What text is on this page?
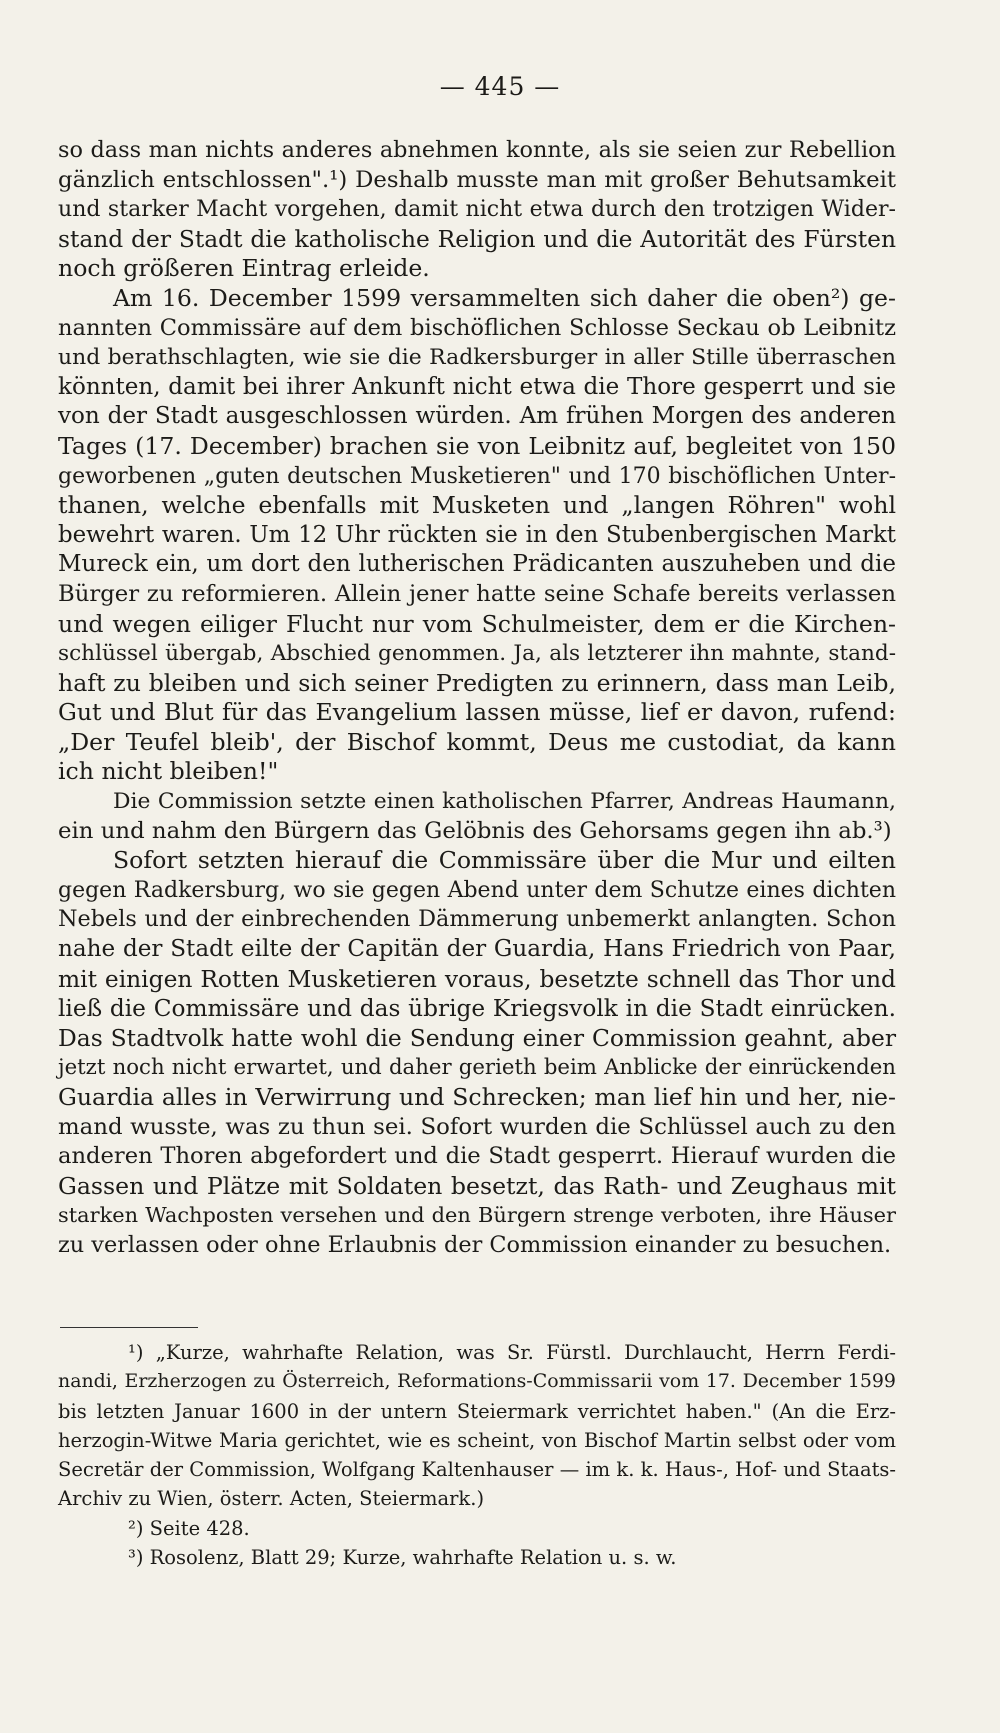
— 445 —
so dass man nichts anderes abnehmen konnte, als sie seien zur Rebellion
gänzlich entschlossen".¹) Deshalb musste man mit großer Behutsamkeit
und starker Macht vorgehen, damit nicht etwa durch den trotzigen Wider-
stand der Stadt die katholische Religion und die Autorität des Fürsten
noch größeren Eintrag erleide.
Am 16. December 1599 versammelten sich daher die oben²) ge-
nannten Commissäre auf dem bischöflichen Schlosse Seckau ob Leibnitz
und berathschlagten, wie sie die Radkersburger in aller Stille überraschen
könnten, damit bei ihrer Ankunft nicht etwa die Thore gesperrt und sie
von der Stadt ausgeschlossen würden. Am frühen Morgen des anderen
Tages (17. December) brachen sie von Leibnitz auf, begleitet von 150
geworbenen „guten deutschen Musketieren" und 170 bischöflichen Unter-
thanen, welche ebenfalls mit Musketen und „langen Röhren" wohl
bewehrt waren. Um 12 Uhr rückten sie in den Stubenbergischen Markt
Mureck ein, um dort den lutherischen Prädicanten auszuheben und die
Bürger zu reformieren. Allein jener hatte seine Schafe bereits verlassen
und wegen eiliger Flucht nur vom Schulmeister, dem er die Kirchen-
schlüssel übergab, Abschied genommen. Ja, als letzterer ihn mahnte, stand-
haft zu bleiben und sich seiner Predigten zu erinnern, dass man Leib,
Gut und Blut für das Evangelium lassen müsse, lief er davon, rufend:
„Der Teufel bleib', der Bischof kommt, Deus me custodiat, da kann
ich nicht bleiben!"
Die Commission setzte einen katholischen Pfarrer, Andreas Haumann,
ein und nahm den Bürgern das Gelöbnis des Gehorsams gegen ihn ab.³)
Sofort setzten hierauf die Commissäre über die Mur und eilten
gegen Radkersburg, wo sie gegen Abend unter dem Schutze eines dichten
Nebels und der einbrechenden Dämmerung unbemerkt anlangten. Schon
nahe der Stadt eilte der Capitän der Guardia, Hans Friedrich von Paar,
mit einigen Rotten Musketieren voraus, besetzte schnell das Thor und
ließ die Commissäre und das übrige Kriegsvolk in die Stadt einrücken.
Das Stadtvolk hatte wohl die Sendung einer Commission geahnt, aber
jetzt noch nicht erwartet, und daher gerieth beim Anblicke der einrückenden
Guardia alles in Verwirrung und Schrecken; man lief hin und her, nie-
mand wusste, was zu thun sei. Sofort wurden die Schlüssel auch zu den
anderen Thoren abgefordert und die Stadt gesperrt. Hierauf wurden die
Gassen und Plätze mit Soldaten besetzt, das Rath- und Zeughaus mit
starken Wachposten versehen und den Bürgern strenge verboten, ihre Häuser
zu verlassen oder ohne Erlaubnis der Commission einander zu besuchen.
¹) „Kurze, wahrhafte Relation, was Sr. Fürstl. Durchlaucht, Herrn Ferdi-
nandi, Erzherzogen zu Österreich, Reformations-Commissarii vom 17. December 1599
bis letzten Januar 1600 in der untern Steiermark verrichtet haben." (An die Erz-
herzogin-Witwe Maria gerichtet, wie es scheint, von Bischof Martin selbst oder vom
Secretär der Commission, Wolfgang Kaltenhauser — im k. k. Haus-, Hof- und Staats-
Archiv zu Wien, österr. Acten, Steiermark.)
²) Seite 428.
³) Rosolenz, Blatt 29; Kurze, wahrhafte Relation u. s. w.
